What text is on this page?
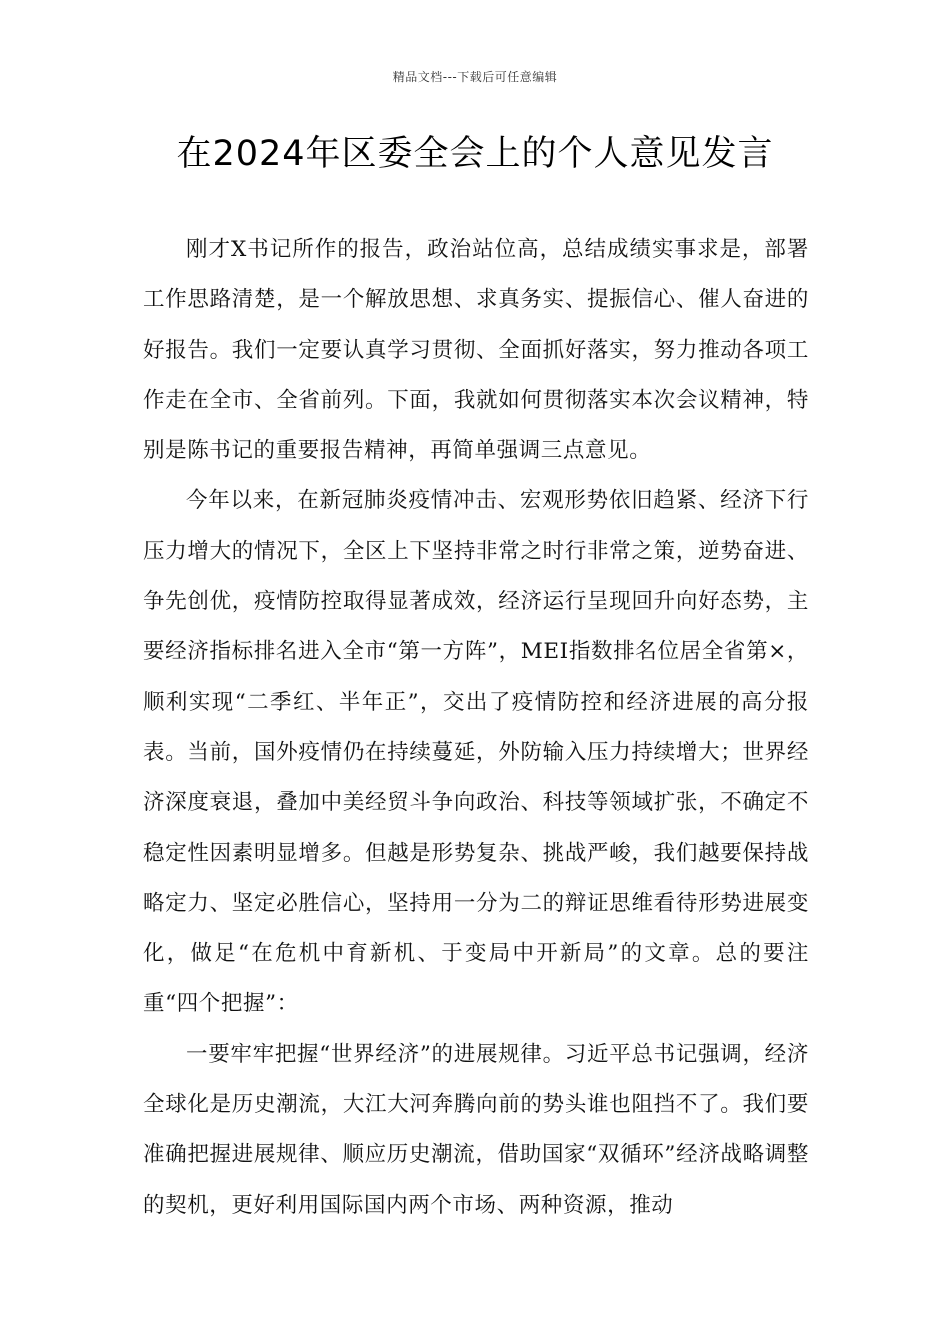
精品文档---下载后可任意编辑
在2024年区委全会上的个人意见发言

刚才X书记所作的报告，政治站位高，总结成绩实事求是，部署工作思路清楚，是一个解放思想、求真务实、提振信心、催人奋进的好报告。我们一定要认真学习贯彻、全面抓好落实，努力推动各项工作走在全市、全省前列。下面，我就如何贯彻落实本次会议精神，特别是陈书记的重要报告精神，再简单强调三点意见。

今年以来，在新冠肺炎疫情冲击、宏观形势依旧趋紧、经济下行压力增大的情况下，全区上下坚持非常之时行非常之策，逆势奋进、争先创优，疫情防控取得显著成效，经济运行呈现回升向好态势，主要经济指标排名进入全市“第一方阵”，MEI指数排名位居全省第×，顺利实现“二季红、半年正”，交出了疫情防控和经济进展的高分报表。当前，国外疫情仍在持续蔓延，外防输入压力持续增大；世界经济深度衰退，叠加中美经贸斗争向政治、科技等领域扩张，不确定不稳定性因素明显增多。但越是形势复杂、挑战严峻，我们越要保持战略定力、坚定必胜信心，坚持用一分为二的辩证思维看待形势进展变化，做足“在危机中育新机、于变局中开新局”的文章。总的要注重“四个把握”：

一要牢牢把握“世界经济”的进展规律。习近平总书记强调，经济全球化是历史潮流，大江大河奔腾向前的势头谁也阻挡不了。我们要准确把握进展规律、顺应历史潮流，借助国家“双循环”经济战略调整的契机，更好利用国际国内两个市场、两种资源，推动
